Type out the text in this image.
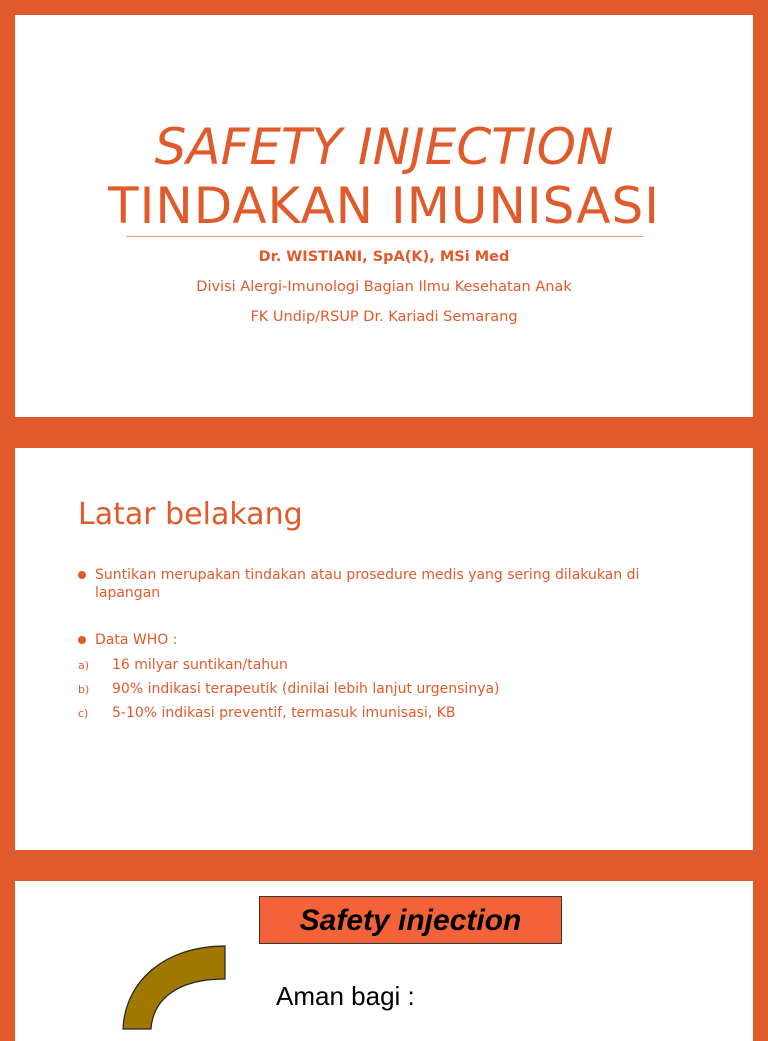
SAFETY INJECTION
TINDAKAN IMUNISASI
Dr. WISTIANI, SpA(K), MSi Med
Divisi Alergi-Imunologi Bagian Ilmu Kesehatan Anak
FK Undip/RSUP Dr. Kariadi Semarang
Latar belakang
Suntikan merupakan tindakan atau prosedure medis yang sering dilakukan di lapangan
Data WHO :
a) 16 milyar suntikan/tahun
b) 90% indikasi terapeutik (dinilai lebih lanjut urgensinya)
c) 5-10% indikasi preventif, termasuk imunisasi, KB
Safety injection
Aman bagi :
